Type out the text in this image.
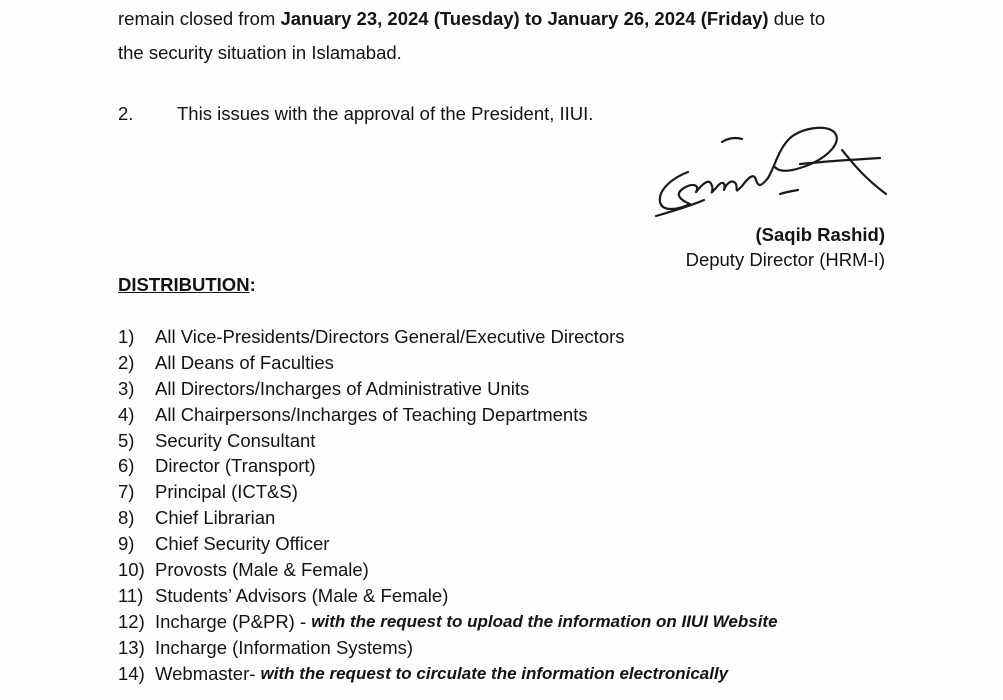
remain closed from January 23, 2024 (Tuesday) to January 26, 2024 (Friday) due to
the security situation in Islamabad.
2. This issues with the approval of the President, IIUI.
(Saqib Rashid)
Deputy Director (HRM-I)
DISTRIBUTION:
1)	All Vice-Presidents/Directors General/Executive Directors
2)	All Deans of Faculties
3)	All Directors/Incharges of Administrative Units
4)	All Chairpersons/Incharges of Teaching Departments
5)	Security Consultant
6)	Director (Transport)
7)	Principal (ICT&S)
8)	Chief Librarian
9)	Chief Security Officer
10) Provosts (Male & Female)
11) Students’ Advisors (Male & Female)
12) Incharge (P&PR) - with the request to upload the information on IIUI Website
13) Incharge (Information Systems)
14) Webmaster- with the request to circulate the information electronically
